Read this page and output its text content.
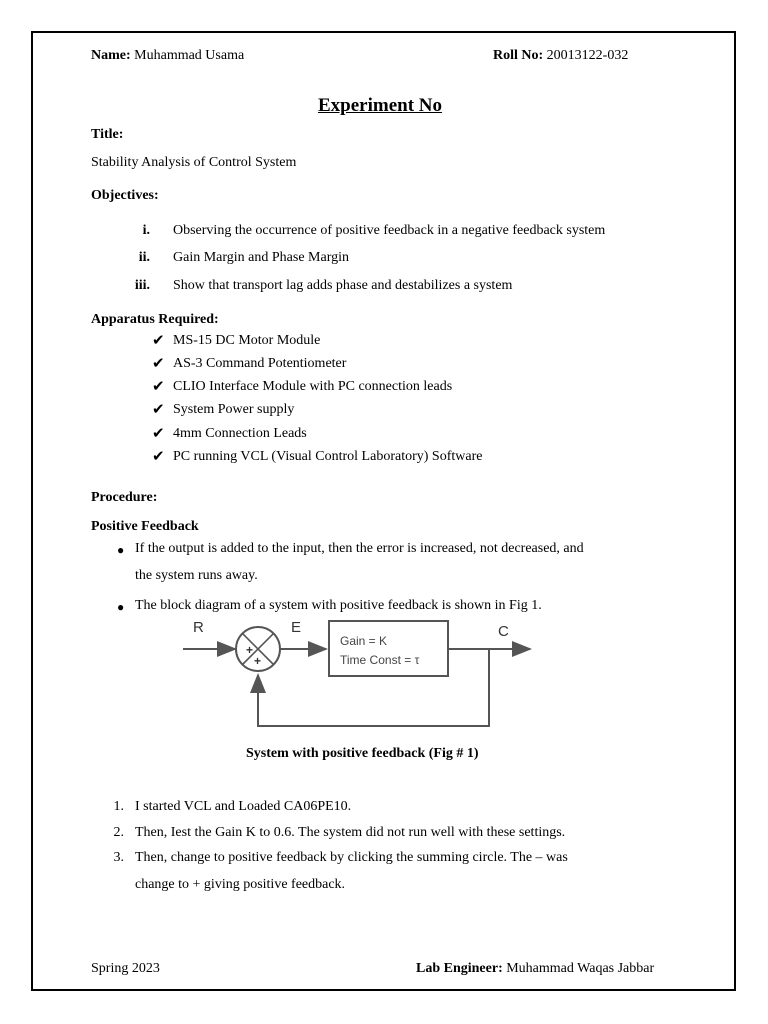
Name: Muhammad Usama	Roll No: 20013122-032
Experiment No
Title:
Stability Analysis of Control System
Objectives:
i. Observing the occurrence of positive feedback in a negative feedback system
ii. Gain Margin and Phase Margin
iii. Show that transport lag adds phase and destabilizes a system
Apparatus Required:
✔ MS-15 DC Motor Module
✔ AS-3 Command Potentiometer
✔ CLIO Interface Module with PC connection leads
✔ System Power supply
✔ 4mm Connection Leads
✔ PC running VCL (Visual Control Laboratory) Software
Procedure:
Positive Feedback
● If the output is added to the input, then the error is increased, not decreased, and
the system runs away.
● The block diagram of a system with positive feedback is shown in Fig 1.
R	E	C
+
+
Gain = K
Time Const = τ
System with positive feedback (Fig # 1)
1. I started VCL and Loaded CA06PE10.
2. Then, Iest the Gain K to 0.6. The system did not run well with these settings.
3. Then, change to positive feedback by clicking the summing circle. The – was
change to + giving positive feedback.
Spring 2023	Lab Engineer: Muhammad Waqas Jabbar
